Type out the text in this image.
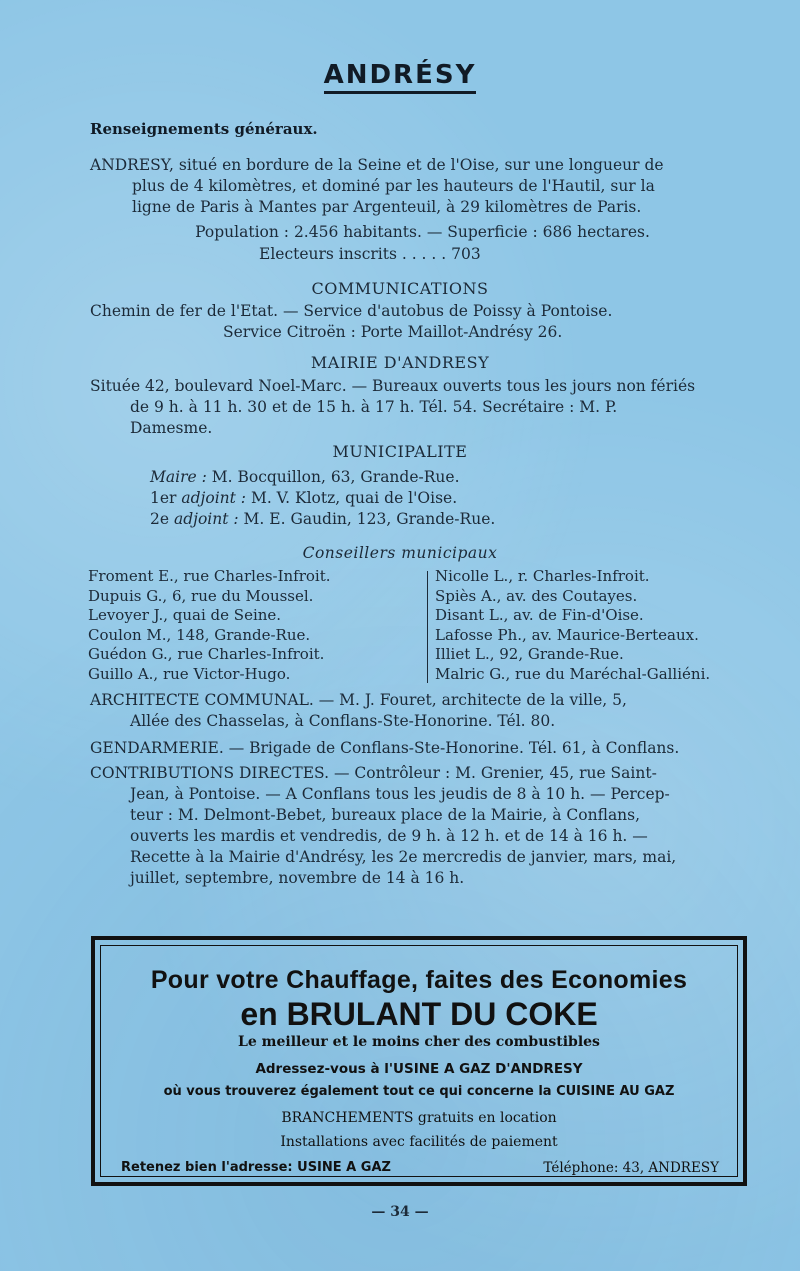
ANDRÉSY
Renseignements généraux.
ANDRESY, situé en bordure de la Seine et de l'Oise, sur une longueur de
plus de 4 kilomètres, et dominé par les hauteurs de l'Hautil, sur la
ligne de Paris à Mantes par Argenteuil, à 29 kilomètres de Paris.
Population : 2.456 habitants. — Superficie : 686 hectares.
Electeurs inscrits . . . . . 703
COMMUNICATIONS
Chemin de fer de l'Etat. — Service d'autobus de Poissy à Pontoise.
Service Citroën : Porte Maillot-Andrésy 26.
MAIRIE D'ANDRESY
Située 42, boulevard Noel-Marc. — Bureaux ouverts tous les jours non fériés
de 9 h. à 11 h. 30 et de 15 h. à 17 h. Tél. 54. Secrétaire : M. P.
Damesme.
MUNICIPALITE
Maire : M. Bocquillon, 63, Grande-Rue.
1er adjoint : M. V. Klotz, quai de l'Oise.
2e adjoint : M. E. Gaudin, 123, Grande-Rue.
Conseillers municipaux
Froment E., rue Charles-Infroit.
Dupuis G., 6, rue du Moussel.
Levoyer J., quai de Seine.
Coulon M., 148, Grande-Rue.
Guédon G., rue Charles-Infroit.
Guillo A., rue Victor-Hugo.
Nicolle L., r. Charles-Infroit.
Spiès A., av. des Coutayes.
Disant L., av. de Fin-d'Oise.
Lafosse Ph., av. Maurice-Berteaux.
Illiet L., 92, Grande-Rue.
Malric G., rue du Maréchal-Galliéni.
ARCHITECTE COMMUNAL. — M. J. Fouret, architecte de la ville, 5,
Allée des Chasselas, à Conflans-Ste-Honorine. Tél. 80.
GENDARMERIE. — Brigade de Conflans-Ste-Honorine. Tél. 61, à Conflans.
CONTRIBUTIONS DIRECTES. — Contrôleur : M. Grenier, 45, rue Saint-
Jean, à Pontoise. — A Conflans tous les jeudis de 8 à 10 h. — Percep-
teur : M. Delmont-Bebet, bureaux place de la Mairie, à Conflans,
ouverts les mardis et vendredis, de 9 h. à 12 h. et de 14 à 16 h. —
Recette à la Mairie d'Andrésy, les 2e mercredis de janvier, mars, mai,
juillet, septembre, novembre de 14 à 16 h.
Pour votre Chauffage, faites des Economies
en BRULANT DU COKE
Le meilleur et le moins cher des combustibles
Adressez-vous à l'USINE A GAZ D'ANDRESY
où vous trouverez également tout ce qui concerne la CUISINE AU GAZ
BRANCHEMENTS gratuits en location
Installations avec facilités de paiement
Retenez bien l'adresse: USINE A GAZ	Téléphone: 43, ANDRESY
— 34 —
